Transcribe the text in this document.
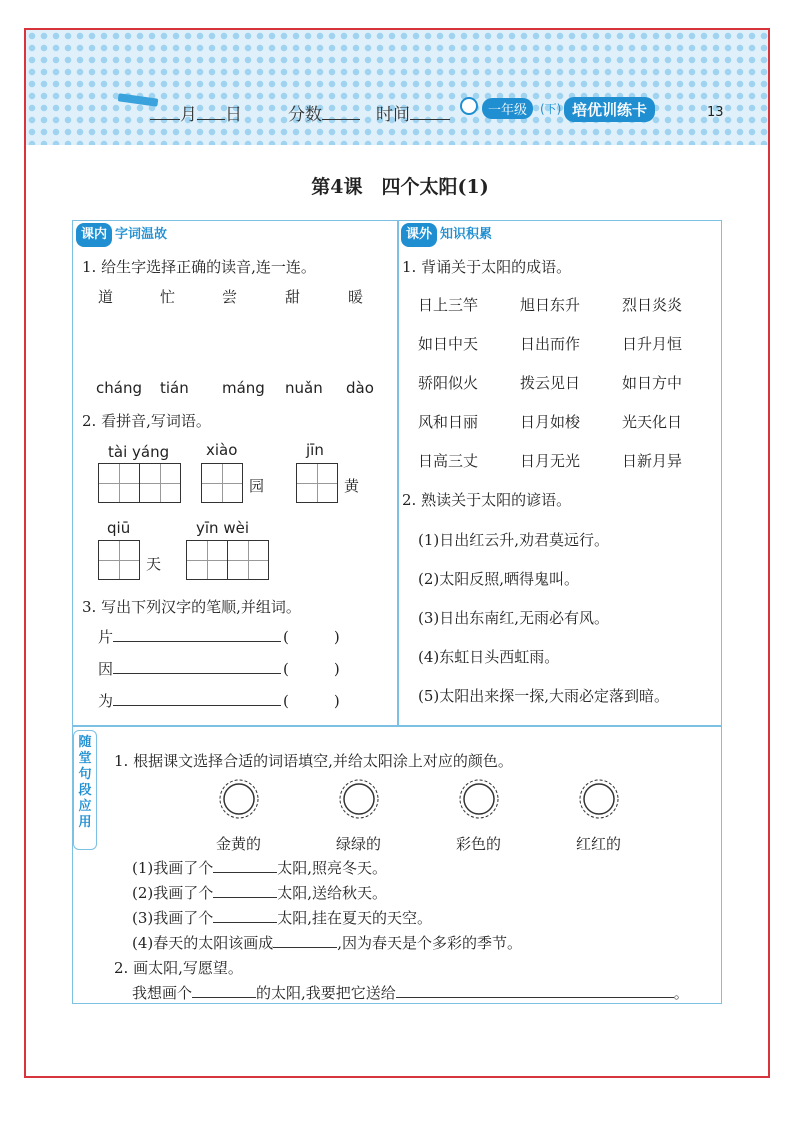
月 日	分数	时间	一年级	(下) 培优训练卡	13
第4课　四个太阳(1)
课内 字词温故
1. 给生字选择正确的读音,连一连。
道	忙	尝	甜	暖
cháng tián máng nuǎn dào
2. 看拼音,写词语。
tài yáng xiào
园
jīn
黄
qiū
天
yīn wèi
3. 写出下列汉字的笔顺,并组词。
片	(　　　)
因	(　　　)
为	(　　　)
课外 知识积累
1. 背诵关于太阳的成语。
日上三竿	旭日东升	烈日炎炎
如日中天	日出而作	日升月恒
骄阳似火	拨云见日	如日方中
风和日丽	日月如梭	光天化日
日高三丈	日月无光	日新月异
2. 熟读关于太阳的谚语。
(1)日出红云升,劝君莫远行。
(2)太阳反照,晒得鬼叫。
(3)日出东南红,无雨必有风。
(4)东虹日头西虹雨。
(5)太阳出来探一探,大雨必定落到暗。
随
堂
句
段
应
用
1. 根据课文选择合适的词语填空,并给太阳涂上对应的颜色。
金黄的	绿绿的	彩色的	红红的
(1)我画了个	太阳,照亮冬天。
(2)我画了个	太阳,送给秋天。
(3)我画了个	太阳,挂在夏天的天空。
(4)春天的太阳该画成	,因为春天是个多彩的季节。
2. 画太阳,写愿望。
我想画个	的太阳,我要把它送给	。
